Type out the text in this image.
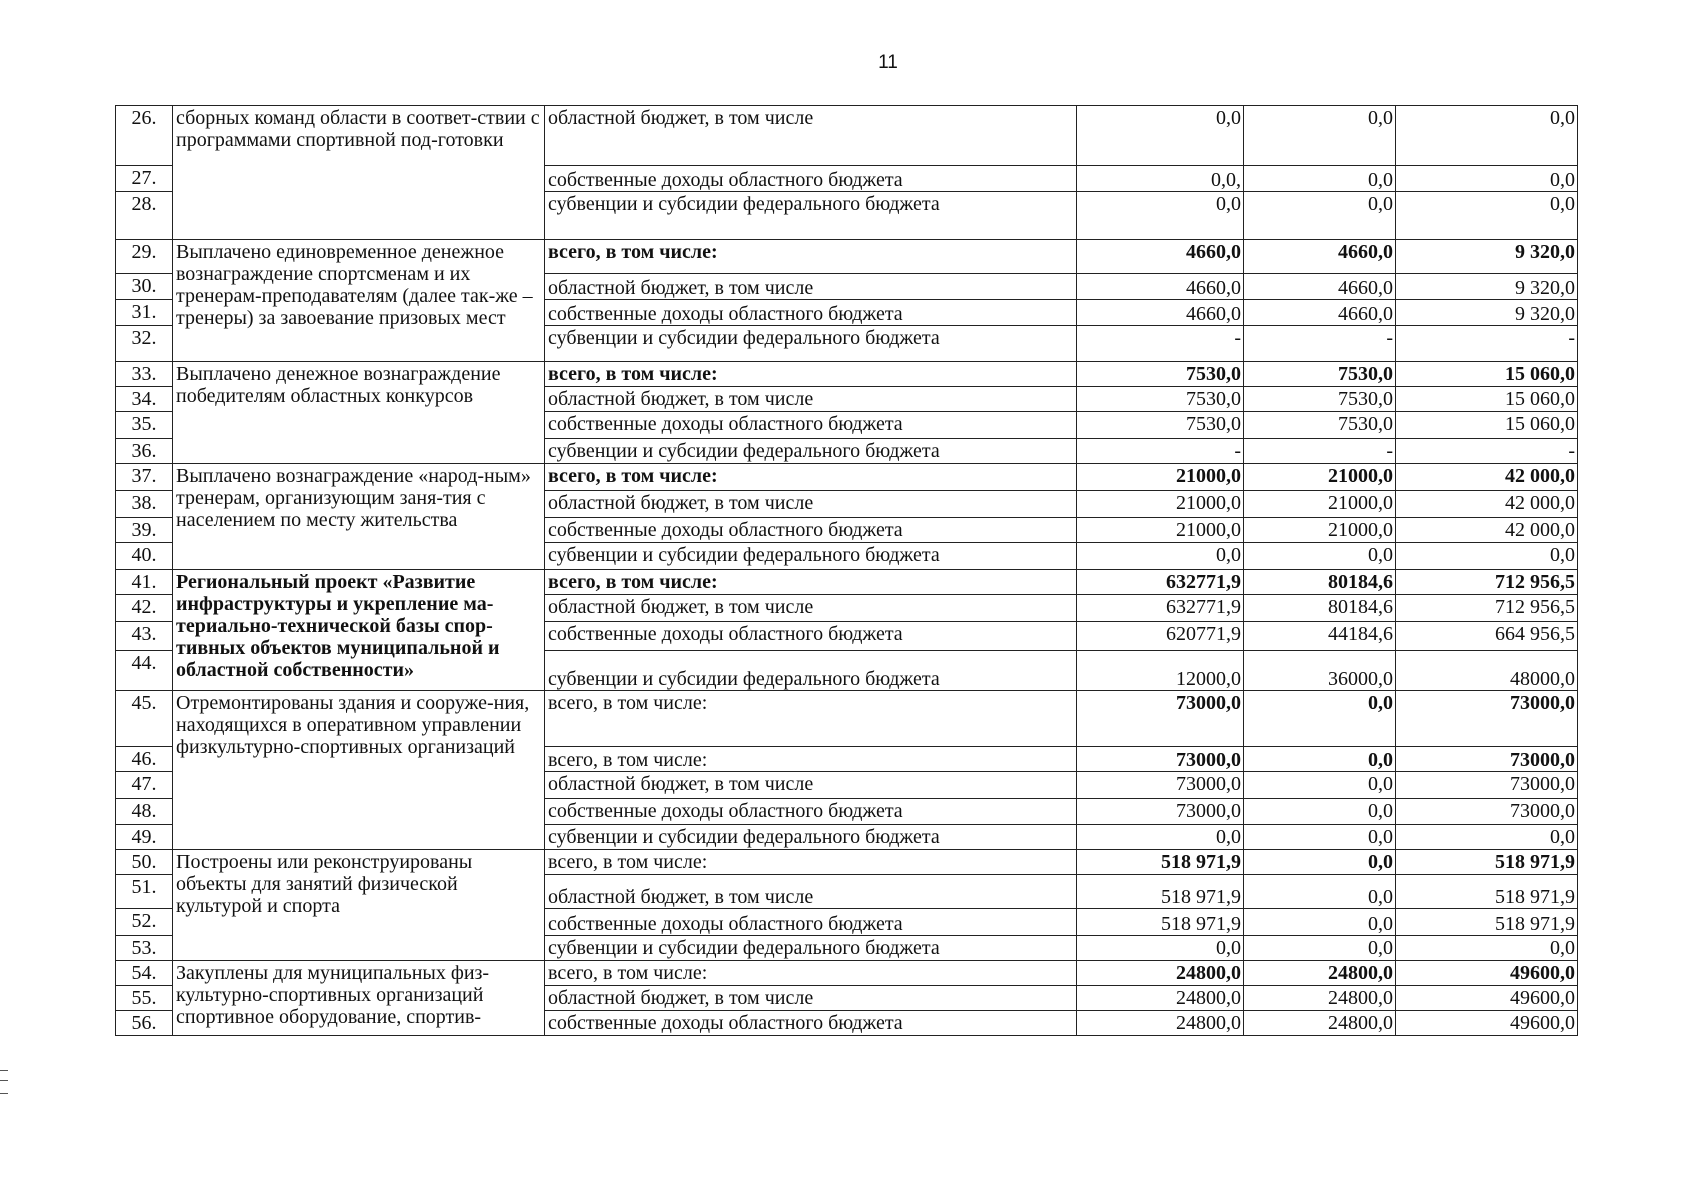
11
26.	сборных команд области в соответ-ствии с программами спортивной под-готовки	областной бюджет, в том числе	0,0	0,0	0,0
27.		собственные доходы областного бюджета	0,0,	0,0	0,0
28.		субвенции и субсидии федерального бюджета	0,0	0,0	0,0
29.	Выплачено единовременное денежное вознаграждение спортсменам и их тренерам-преподавателям (далее так-же – тренеры) за завоевание призовых мест	всего, в том числе:	4660,0	4660,0	9 320,0
30.		областной бюджет, в том числе	4660,0	4660,0	9 320,0
31.		собственные доходы областного бюджета	4660,0	4660,0	9 320,0
32.		субвенции и субсидии федерального бюджета	-	-	-
33.	Выплачено денежное вознаграждение победителям областных конкурсов	всего, в том числе:	7530,0	7530,0	15 060,0
34.		областной бюджет, в том числе	7530,0	7530,0	15 060,0
35.		собственные доходы областного бюджета	7530,0	7530,0	15 060,0
36.		субвенции и субсидии федерального бюджета	-	-	-
37.	Выплачено вознаграждение «народ-ным» тренерам, организующим заня-тия с населением по месту жительства	всего, в том числе:	21000,0	21000,0	42 000,0
38.		областной бюджет, в том числе	21000,0	21000,0	42 000,0
39.		собственные доходы областного бюджета	21000,0	21000,0	42 000,0
40.		субвенции и субсидии федерального бюджета	0,0	0,0	0,0
41.	Региональный проект «Развитие инфраструктуры и укрепление ма-териально-технической базы спор-тивных объектов муниципальной и областной собственности»	всего, в том числе:	632771,9	80184,6	712 956,5
42.		областной бюджет, в том числе	632771,9	80184,6	712 956,5
43.		собственные доходы областного бюджета	620771,9	44184,6	664 956,5
44.		субвенции и субсидии федерального бюджета	12000,0	36000,0	48000,0
45.	Отремонтированы здания и сооруже-ния, находящихся в оперативном управлении физкультурно-спортивных организаций	всего, в том числе:	73000,0	0,0	73000,0
46.		всего, в том числе:	73000,0	0,0	73000,0
47.		областной бюджет, в том числе	73000,0	0,0	73000,0
48.		собственные доходы областного бюджета	73000,0	0,0	73000,0
49.		субвенции и субсидии федерального бюджета	0,0	0,0	0,0
50.	Построены или реконструированы объекты для занятий физической культурой и спорта	всего, в том числе:	518 971,9	0,0	518 971,9
51.		областной бюджет, в том числе	518 971,9	0,0	518 971,9
52.		собственные доходы областного бюджета	518 971,9	0,0	518 971,9
53.		субвенции и субсидии федерального бюджета	0,0	0,0	0,0
54.	Закуплены для муниципальных физ-культурно-спортивных организаций спортивное оборудование, спортив-	всего, в том числе:	24800,0	24800,0	49600,0
55.		областной бюджет, в том числе	24800,0	24800,0	49600,0
56.		собственные доходы областного бюджета	24800,0	24800,0	49600,0
